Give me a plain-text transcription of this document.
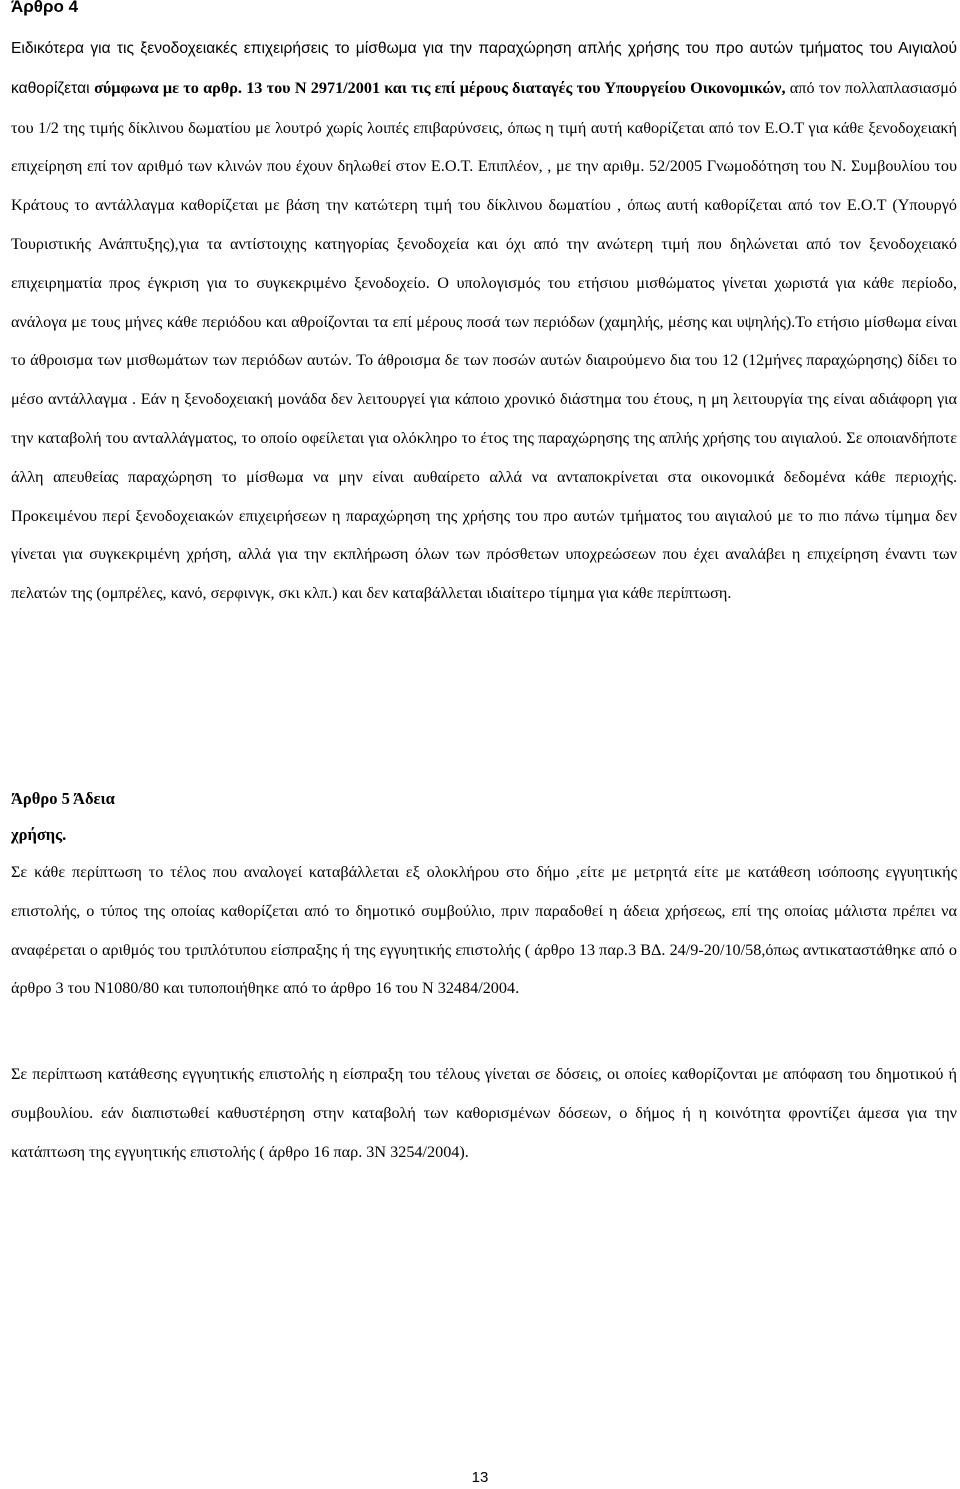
Άρθρο 4

Ειδικότερα για τις ξενοδοχειακές επιχειρήσεις το μίσθωμα για την παραχώρηση απλής χρήσης του προ αυτών τμήματος του Αιγιαλού καθορίζεται σύμφωνα με το αρθρ. 13 του Ν 2971/2001 και τις επί μέρους διαταγές του Υπουργείου Οικονομικών, από τον πολλαπλασιασμό του 1/2 της τιμής δίκλινου δωματίου με λουτρό χωρίς λοιπές επιβαρύνσεις, όπως η τιμή αυτή καθορίζεται από τον Ε.Ο.Τ για κάθε ξενοδοχειακή επιχείρηση επί τον αριθμό των κλινών που έχουν δηλωθεί στον Ε.Ο.Τ. Επιπλέον, , με την αριθμ. 52/2005 Γνωμοδότηση του Ν. Συμβουλίου του Κράτους το αντάλλαγμα καθορίζεται με βάση την κατώτερη τιμή του δίκλινου δωματίου , όπως αυτή καθορίζεται από τον Ε.Ο.Τ (Υπουργό Τουριστικής Ανάπτυξης),για τα αντίστοιχης κατηγορίας ξενοδοχεία και όχι από την ανώτερη τιμή που δηλώνεται από τον ξενοδοχειακό επιχειρηματία προς έγκριση για το συγκεκριμένο ξενοδοχείο. Ο υπολογισμός του ετήσιου μισθώματος γίνεται χωριστά για κάθε περίοδο, ανάλογα με τους μήνες κάθε περιόδου και αθροίζονται τα επί μέρους ποσά των περιόδων (χαμηλής, μέσης και υψηλής).Το ετήσιο μίσθωμα είναι το άθροισμα των μισθωμάτων των περιόδων αυτών. Το άθροισμα δε των ποσών αυτών διαιρούμενο δια του 12 (12μήνες παραχώρησης) δίδει το μέσο αντάλλαγμα . Εάν η ξενοδοχειακή μονάδα δεν λειτουργεί για κάποιο χρονικό διάστημα του έτους, η μη λειτουργία της είναι αδιάφορη για την καταβολή του ανταλλάγματος, το οποίο οφείλεται για ολόκληρο το έτος της παραχώρησης της απλής χρήσης του αιγιαλού. Σε οποιανδήποτε άλλη απευθείας παραχώρηση το μίσθωμα να μην είναι αυθαίρετο αλλά να ανταποκρίνεται στα οικονομικά δεδομένα κάθε περιοχής. Προκειμένου περί ξενοδοχειακών επιχειρήσεων η παραχώρηση της χρήσης του προ αυτών τμήματος του αιγιαλού με το πιο πάνω τίμημα δεν γίνεται για συγκεκριμένη χρήση, αλλά για την εκπλήρωση όλων των πρόσθετων υποχρεώσεων που έχει αναλάβει η επιχείρηση έναντι των πελατών της (ομπρέλες, κανό, σερφινγκ, σκι κλπ.) και δεν καταβάλλεται ιδιαίτερο τίμημα για κάθε περίπτωση.

Άρθρο 5 Άδεια

χρήσης.

Σε κάθε περίπτωση το τέλος που αναλογεί καταβάλλεται εξ ολοκλήρου στο δήμο ,είτε με μετρητά είτε με κατάθεση ισόποσης εγγυητικής επιστολής, ο τύπος της οποίας καθορίζεται από το δημοτικό συμβούλιο, πριν παραδοθεί η άδεια χρήσεως, επί της οποίας μάλιστα πρέπει να αναφέρεται ο αριθμός του τριπλότυπου είσπραξης ή της εγγυητικής επιστολής ( άρθρο 13 παρ.3 ΒΔ. 24/9-20/10/58,όπως αντικαταστάθηκε από ο άρθρο 3 του Ν1080/80 και τυποποιήθηκε από το άρθρο 16 του Ν 32484/2004.

Σε περίπτωση κατάθεσης εγγυητικής επιστολής η είσπραξη του τέλους γίνεται σε δόσεις, οι οποίες καθορίζονται με απόφαση του δημοτικού ή συμβουλίου. εάν διαπιστωθεί καθυστέρηση στην καταβολή των καθορισμένων δόσεων, ο δήμος ή η κοινότητα φροντίζει άμεσα για την κατάπτωση της εγγυητικής επιστολής ( άρθρο 16 παρ. 3Ν 3254/2004).

13
